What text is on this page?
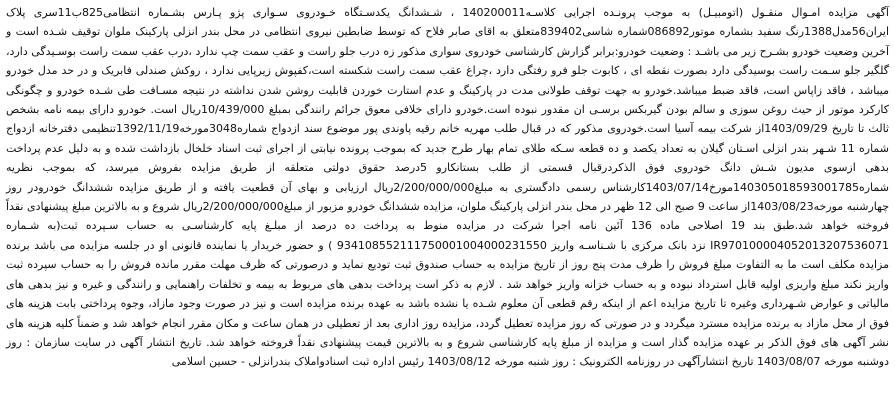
آگهی مزایده امـوال منقـول (اتومبیـل) به موجب پرونـده اجرایی کلاسـه140200011 ، شـشدانگ یکدسـتگاه خـودروی سـواری پژو پـارس بشـماره انتظامی825ب11سری پلاک ایران56مدل1388رنگ سفید بشماره موتور086892شماره شاسی839402متعلق به اقای صابر فلاح که توسط ضابطین نیروی انتظامی در محل بندر انزلی پارکینک ملوان توقیف شـده است و آخرین وضعیت خودرو بشـرح زیر می باشـد : وضعیت خودرو:برابر گزارش کارشناسی خودروی سواری مذکور زه درب جلو راست و عقب سمت چپ ندارد ،درب عقب سمت راست بوسـیدگی دارد، گلگیر جلو سـمت راست بوسیدگی دارد بصورت نقطه ای ، کابوت جلو فرو رفتگی دارد ،چراغ عقب سمت راست شکسته است،کفپوش زیرپایی ندارد ، روکش صندلی فابریک و در حد مدل خودرو میباشد ، فاقد زاپاس است، فاقد ضبط میباشد.خودرو به جهت توقف طولانی مدت در پارکینگ و عدم استارت خوردن قابلیت روشن شدن نداشته در نتیجه مسـافت طی شـده خودرو و چگونگی کارکرد موتور از حیث روغن سوزی و سالم بودن گیربکس برسـی ان مقدور نبوده است.خودرو دارای خلافی معوق جرائم رانندگی بمبلغ 10/439/000ریال است. خودرو دارای بیمه نامه بشخص ثالث تا تاریخ 1403/09/29از شرکت بیمه آسیا است.خودروی مذکور که در قبال طلب مهریه خانم رقیه پاوندی پور موضوع سند ازدواج شماره3048مورخه1392/11/19تنظیمی دفترخانه ازدواج شماره 11 شـهر بندر انزلی اسـتان گیلان به تعداد یکصد و ده قطعه سـکه طلای تمام بهار طرح جدید که بموجب پرونده نیابتی از اجرای ثبت اسناد خلخال بازداشت شده و به دلیل عدم پرداخت بدهی ازسوی مدیون شـش دانگ خودروی فوق الذکردرقبال قسمتی از طلب بستانکارو 5درصد حقوق دولتی متعلقه از طریق مزایده بفروش میرسد، که بموجب نظریه شماره140305018593001785مورخ1403/07/14کارشناس رسمی دادگستری به مبلغ2/200/000/000ریال ارزیابی و بهای آن قطعیت یافته و از طریق مزایده ششدانگ خودرودر روز چهارشنبه مورخه1403/08/23از ساعت 9 صبح الی 12 ظهر در محل بندر انزلی پارکینگ ملوان، مزایده ششدانگ خودرو مزبور از مبلغ2/200/000/000ریال شروع و به بالاترین مبلغ پیشنهادی نقداً فروخته خواهد شد.طبق بند 19 اصلاحی ماده 136 آئین نامه اجرا شرکت در مزایده منوط به پرداخت ده درصد از مبلـغ پایه کارشناسـی به حساب سـپرده ثبت(به شـماره IR970100004052013207536071 نزد بانک مرکزی با شـناسـه واریز 934108552111750001004000231550 ) و حضور خریدار یا نماینده قانونی او در جلسه مزایده می باشد برنده مزایده مکلف است ما به التفاوت مبلغ فروش را ظرف مدت پنج روز از تاریخ مزایده به حساب صندوق ثبت تودیع نماید و درصورتی که ظرف مهلت مقرر مانده فروش را به حساب سپرده ثبت واریز نکند مبلغ واریزی اولیه قابل استرداد نبوده و به حساب خزانه واریز خواهد شد . لازم به ذکر است پرداخت بدهی های مربوط به بیمه و تخلفات راهنمایی و رانندگی و غیره و نیز بدهی های مالیاتی و عوارض شـهرداری وغیره تا تاریخ مزایده اعم از اینکه رقم قطعی آن معلوم شـده یا نشده باشد به عهده برنده مزایده است و نیز در صورت وجود مازاد، وجوه پرداختی بابت هزینه های فوق از محل مازاد به برنده مزایده مسترد میگردد و در صورتی که روز مزایده تعطیل گردد، مزایده روز اداری بعد از تعطیلی در همان ساعت و مکان مقرر انجام خواهد شد و ضمناً کلیه هزینه های نشر آگهی های فوق الذکر بر عهده مزایده گذار است و مزایده از مبلغ پایه کارشناسی شروع و به بالاترین قیمت پیشنهادی نقداً فروخته خواهد شد. تاریخ انتشار آگهی در سایت سازمان : روز دوشنبه مورخه 1403/08/07 تاریخ انتشارآگهی در روزنامه الکترونیک : روز شنبه مورخه 1403/08/12 رئیس اداره ثبت اسنادواملاک بندرانزلی - حسین اسلامی
